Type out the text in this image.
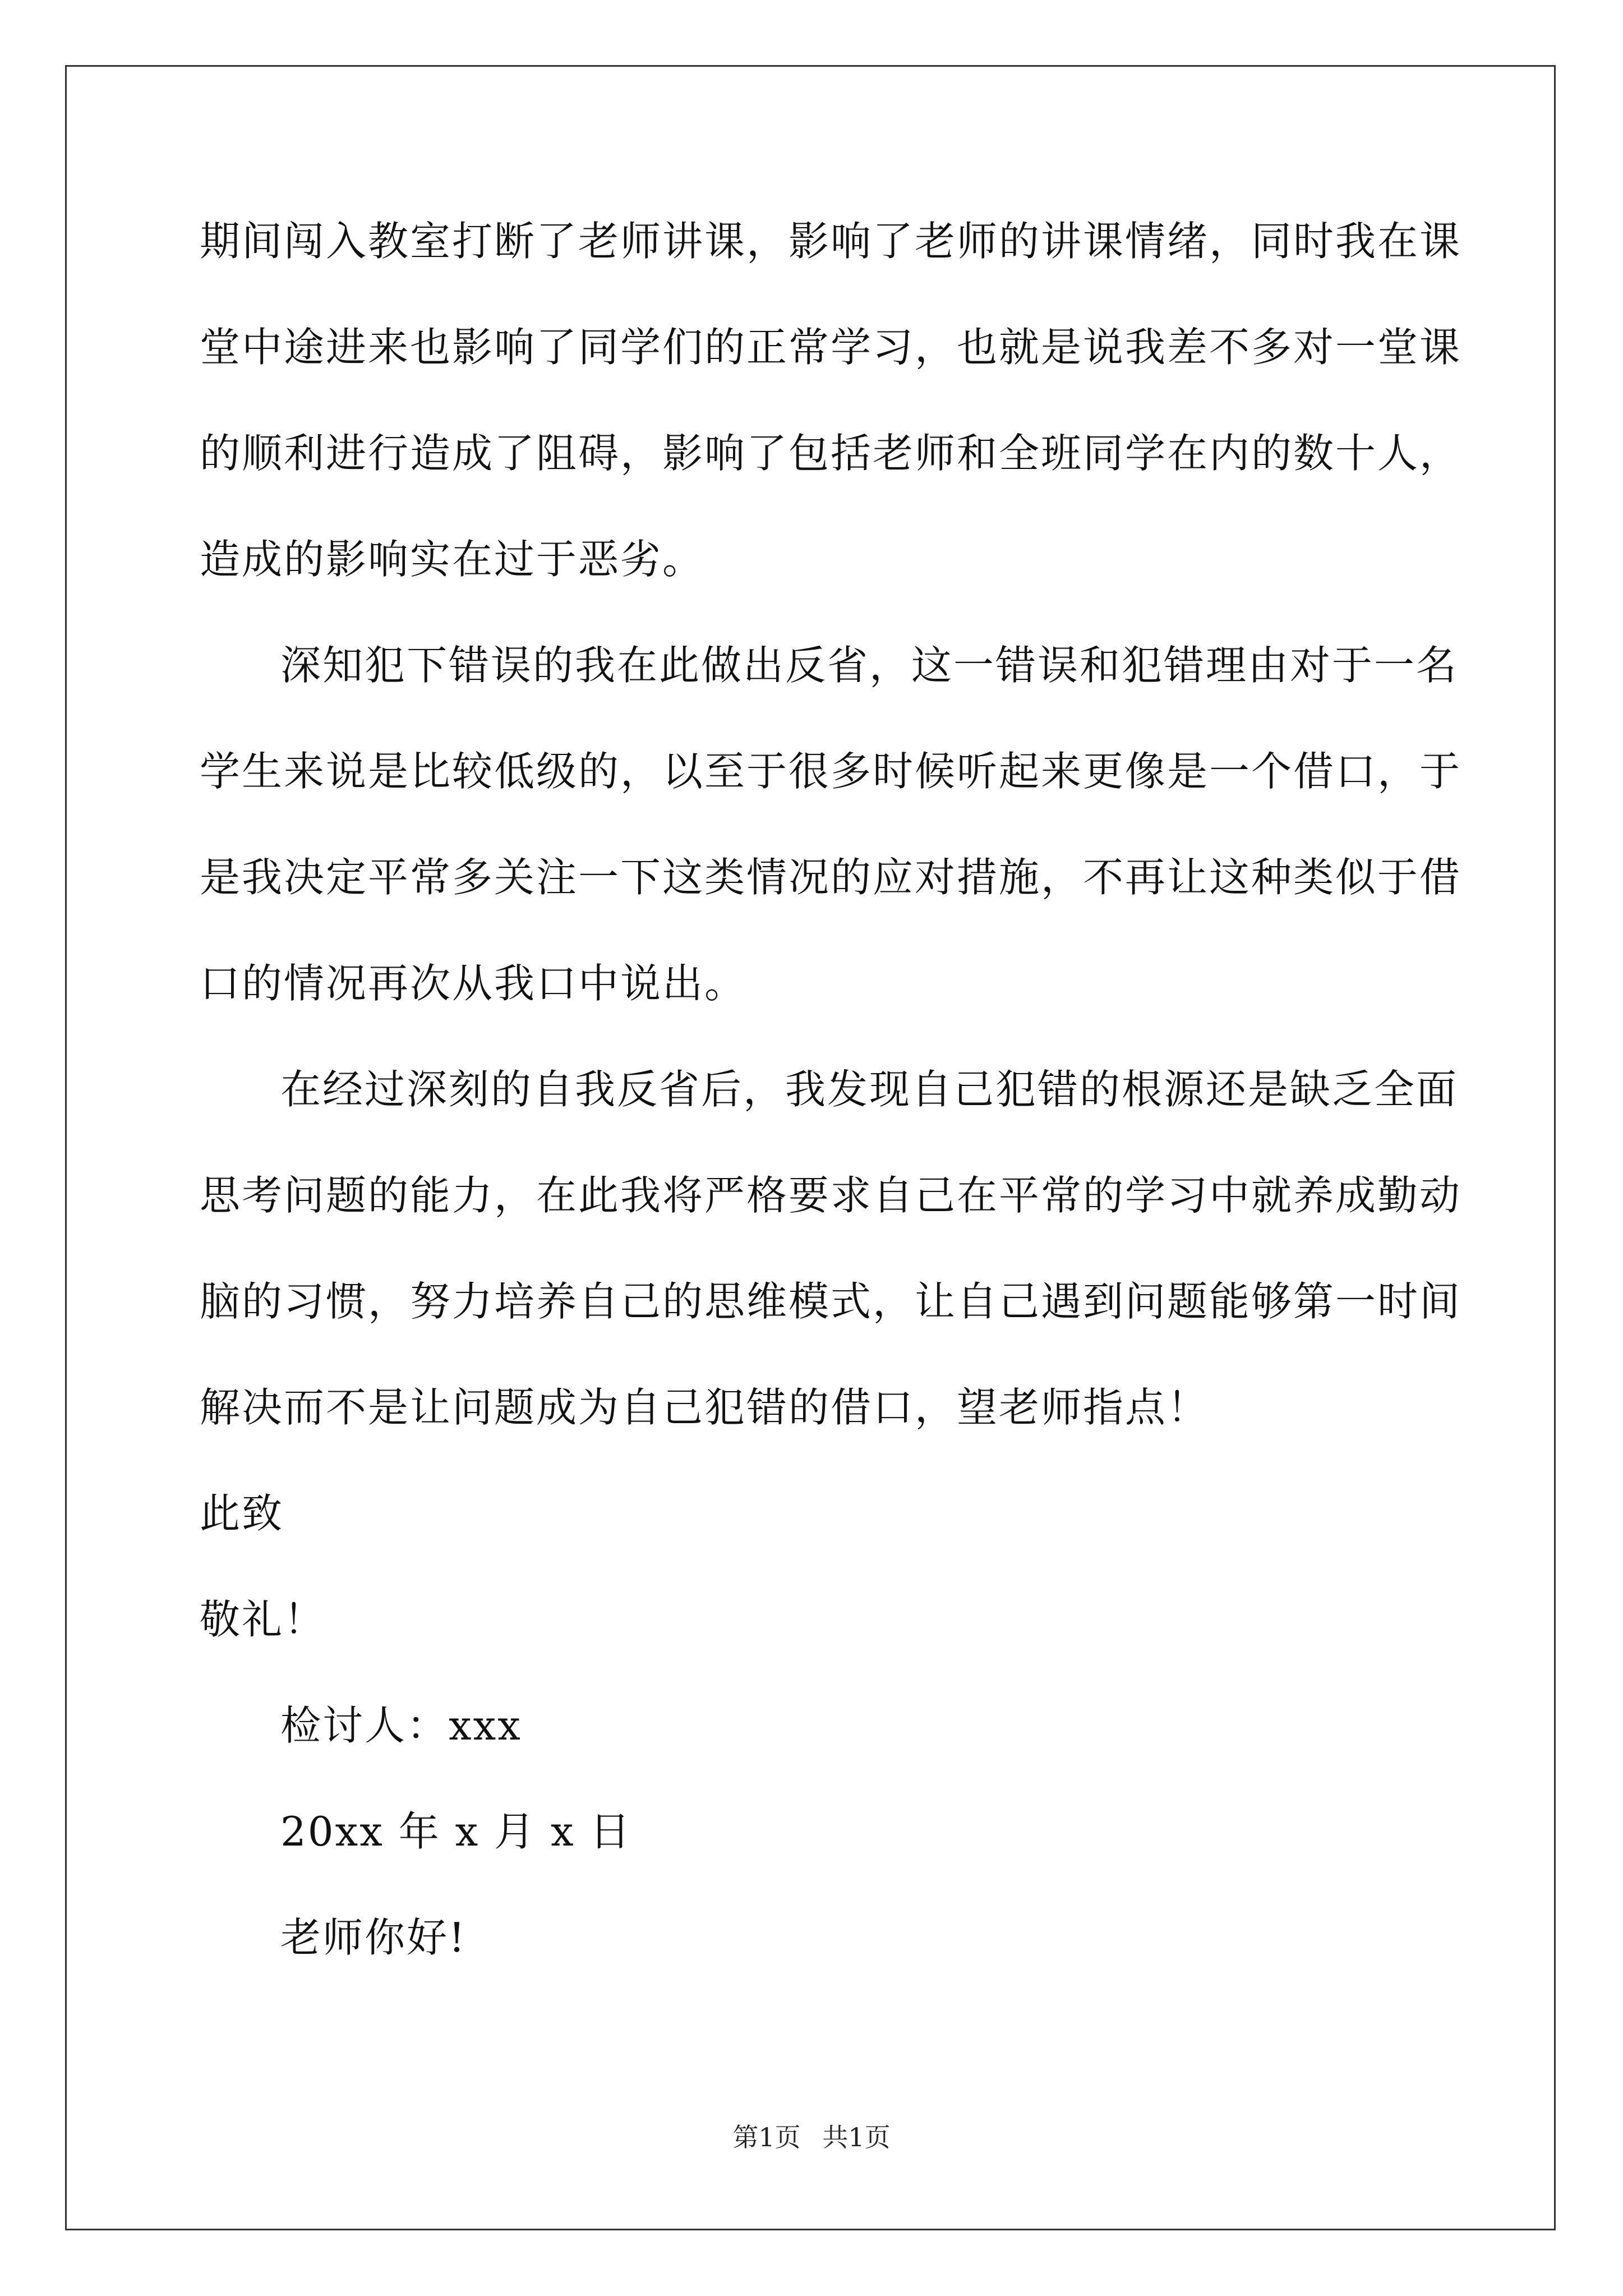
期间闯入教室打断了老师讲课，影响了老师的讲课情绪，同时我在课
堂中途进来也影响了同学们的正常学习，也就是说我差不多对一堂课
的顺利进行造成了阻碍，影响了包括老师和全班同学在内的数十人，
造成的影响实在过于恶劣。
深知犯下错误的我在此做出反省，这一错误和犯错理由对于一名
学生来说是比较低级的，以至于很多时候听起来更像是一个借口，于
是我决定平常多关注一下这类情况的应对措施，不再让这种类似于借
口的情况再次从我口中说出。
在经过深刻的自我反省后，我发现自己犯错的根源还是缺乏全面
思考问题的能力，在此我将严格要求自己在平常的学习中就养成勤动
脑的习惯，努力培养自己的思维模式，让自己遇到问题能够第一时间
解决而不是让问题成为自己犯错的借口，望老师指点！
此致
敬礼！
检讨人：xxx
20xx 年 x 月 x 日
老师你好!
第1页 共1页
